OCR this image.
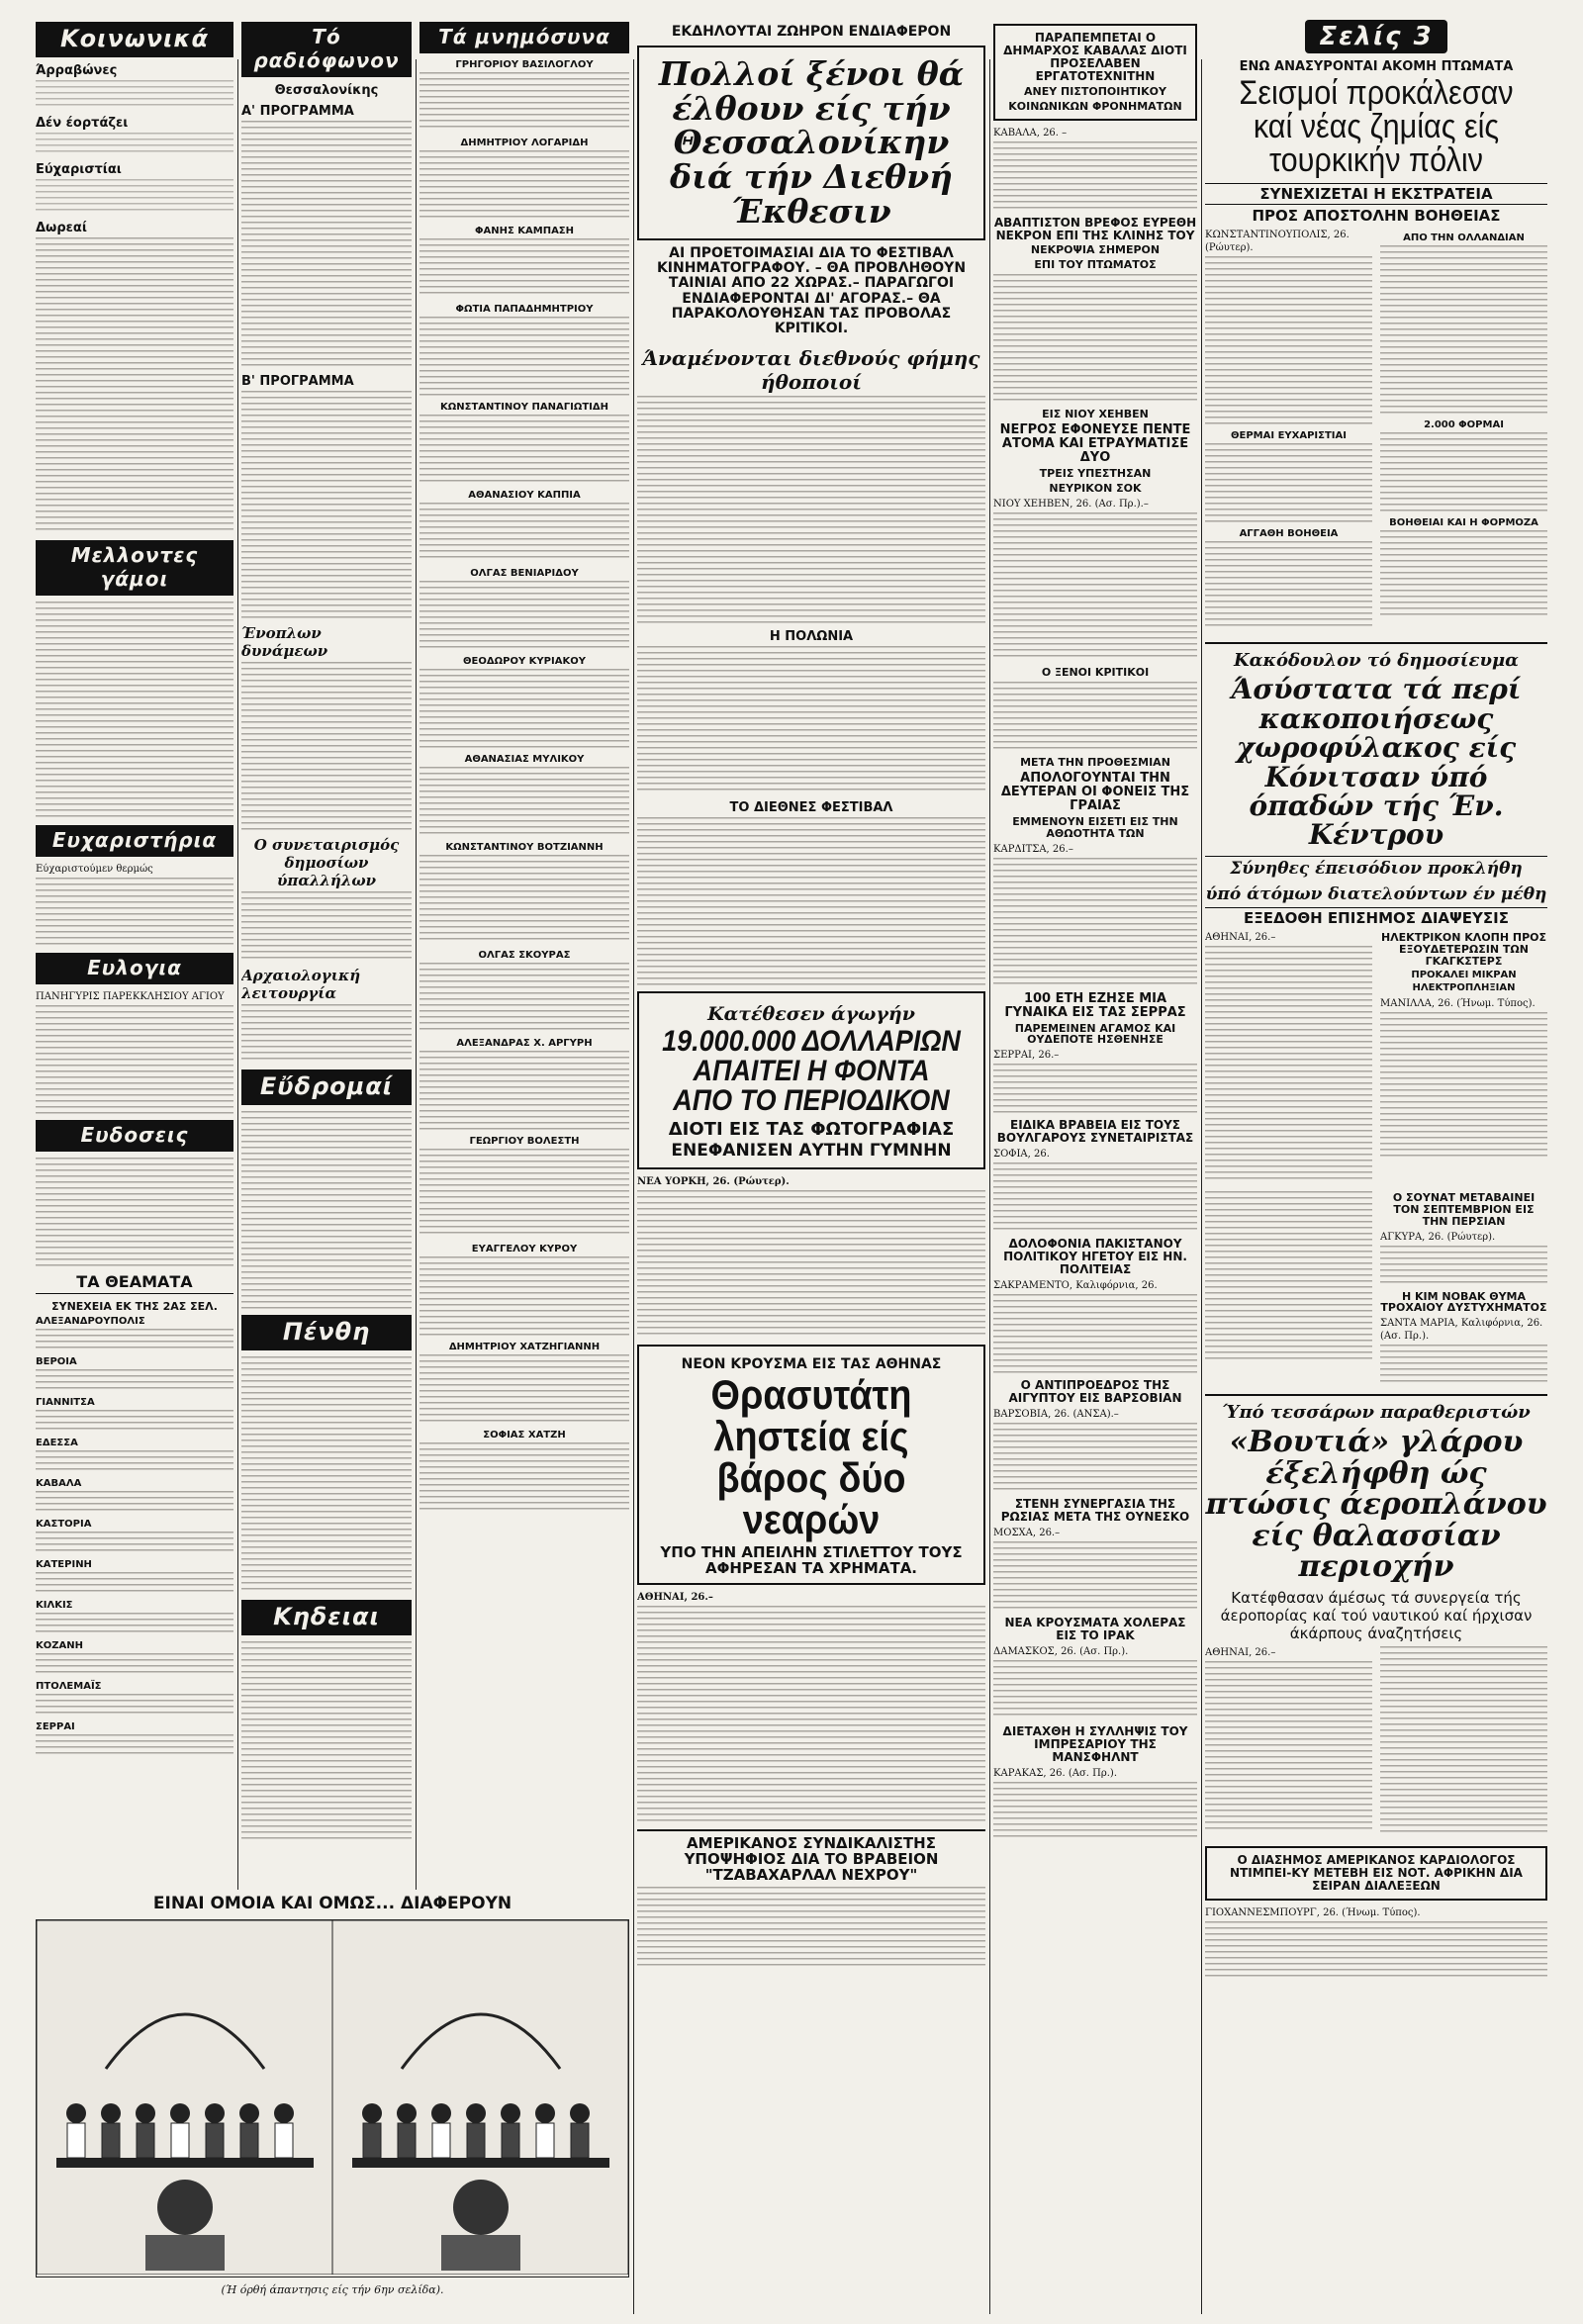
Κοινωνικά
Άρραβώνες
Δέν έορτάζει
Εύχαριστίαι
Δωρεαί
Μελλοντες γάμοι
Ευχαριστήρια
Εύχαριστούμεν θερμώς
Ευλογια
ΠΑΝΗΓΥΡΙΣ ΠΑΡΕΚΚΛΗΣΙΟΥ ΑΓΙΟΥ
Ευδοσεις
ΤΑ ΘΕΑΜΑΤΑ
ΣΥΝΕΧΕΙΑ ΕΚ ΤΗΣ 2ΑΣ ΣΕΛ.
ΑΛΕΞΑΝΔΡΟΥΠΟΛΙΣ
ΒΕΡΟΙΑ
ΓΙΑΝΝΙΤΣΑ
ΕΔΕΣΣΑ
ΚΑΒΑΛΑ
ΚΑΣΤΟΡΙΑ
ΚΑΤΕΡΙΝΗ
ΚΙΛΚΙΣ
ΚΟΖΑΝΗ
ΠΤΟΛΕΜΑΪΣ
ΣΕΡΡΑΙ
Τό ραδιόφωνον
Θεσσαλονίκης
Α' ΠΡΟΓΡΑΜΜΑ
Β' ΠΡΟΓΡΑΜΜΑ
Ένοπλων δυνάμεων
Ο συνεταιρισμός δημοσίων ύπαλλήλων
Αρχαιολογική λειτουργία
Εὔδρομαί
Πένθη
Κηδειαι
Τά μνημόσυνα
ΓΡΗΓΟΡΙΟΥ ΒΑΣΙΛΟΓΛΟΥ
ΔΗΜΗΤΡΙΟΥ ΛΟΓΑΡΙΔΗ
ΦΑΝΗΣ ΚΑΜΠΑΣΗ
ΦΩΤΙΑ ΠΑΠΑΔΗΜΗΤΡΙΟΥ
ΚΩΝΣΤΑΝΤΙΝΟΥ ΠΑΝΑΓΙΩΤΙΔΗ
ΑΘΑΝΑΣΙΟΥ ΚΑΠΠΙΑ
ΟΛΓΑΣ ΒΕΝΙΑΡΙΔΟΥ
ΘΕΟΔΩΡΟΥ ΚΥΡΙΑΚΟΥ
ΑΘΑΝΑΣΙΑΣ ΜΥΛΙΚΟΥ
ΚΩΝΣΤΑΝΤΙΝΟΥ ΒΟΤΖΙΑΝΝΗ
ΟΛΓΑΣ ΣΚΟΥΡΑΣ
ΑΛΕΞΑΝΔΡΑΣ Χ. ΑΡΓΥΡΗ
ΓΕΩΡΓΙΟΥ ΒΟΛΕΣΤΗ
ΕΥΑΓΓΕΛΟΥ ΚΥΡΟΥ
ΔΗΜΗΤΡΙΟΥ ΧΑΤΖΗΓΙΑΝΝΗ
ΣΟΦΙΑΣ ΧΑΤΖΗ
ΕΙΝΑΙ ΟΜΟΙΑ ΚΑΙ ΟΜΩΣ... ΔΙΑΦΕΡΟΥΝ
(Ή όρθή άπαντησις είς τήν 6ην σελίδα).
ΕΚΔΗΛΟΥΤΑΙ ΖΩΗΡΟΝ ΕΝΔΙΑΦΕΡΟΝ
Πολλοί ξένοι θά έλθουν είς τήν Θεσσαλονίκην διά τήν Διεθνή Έκθεσιν
ΑΙ ΠΡΟΕΤΟΙΜΑΣΙΑΙ ΔΙΑ ΤΟ ΦΕΣΤΙΒΑΛ ΚΙΝΗΜΑΤΟΓΡΑΦΟΥ. – ΘΑ ΠΡΟΒΛΗΘΟΥΝ ΤΑΙΝΙΑΙ ΑΠΟ 22 ΧΩΡΑΣ.– ΠΑΡΑΓΩΓΟΙ ΕΝΔΙΑΦΕΡΟΝΤΑΙ ΔΙ' ΑΓΟΡΑΣ.– ΘΑ ΠΑΡΑΚΟΛΟΥΘΗΣΑΝ ΤΑΣ ΠΡΟΒΟΛΑΣ ΚΡΙΤΙΚΟΙ.
Άναμένονται διεθνούς φήμης ήθοποιοί
Η ΠΟΛΩΝΙΑ
ΤΟ ΔΙΕΘΝΕΣ ΦΕΣΤΙΒΑΛ
Κατέθεσεν άγωγήν
19.000.000 ΔΟΛΛΑΡΙΩΝ ΑΠΑΙΤΕΙ Η ΦΟΝΤΑ ΑΠΟ ΤΟ ΠΕΡΙΟΔΙΚΟΝ
ΔΙΟΤΙ ΕΙΣ ΤΑΣ ΦΩΤΟΓΡΑΦΙΑΣ
ΕΝΕΦΑΝΙΣΕΝ ΑΥΤΗΝ ΓΥΜΝΗΝ
ΝΕΑ ΥΟΡΚΗ, 26. (Ρώυτερ).
ΝΕΟΝ ΚΡΟΥΣΜΑ ΕΙΣ ΤΑΣ ΑΘΗΝΑΣ
Θρασυτάτη ληστεία είς βάρος δύο νεαρών
ΥΠΟ ΤΗΝ ΑΠΕΙΛΗΝ ΣΤΙΛΕΤΤΟΥ ΤΟΥΣ ΑΦΗΡΕΣΑΝ ΤΑ ΧΡΗΜΑΤΑ.
ΑΘΗΝΑΙ, 26.–
ΑΜΕΡΙΚΑΝΟΣ ΣΥΝΔΙΚΑΛΙΣΤΗΣ ΥΠΟΨΗΦΙΟΣ ΔΙΑ ΤΟ ΒΡΑΒΕΙΟΝ "ΤΖΑΒΑΧΑΡΛΑΛ ΝΕΧΡΟΥ"
ΠΑΡΑΠΕΜΠΕΤΑΙ Ο ΔΗΜΑΡΧΟΣ ΚΑΒΑΛΑΣ ΔΙΟΤΙ ΠΡΟΣΕΛΑΒΕΝ ΕΡΓΑΤΟΤΕΧΝΙΤΗΝ
ΑΝΕΥ ΠΙΣΤΟΠΟΙΗΤΙΚΟΥ
ΚΟΙΝΩΝΙΚΩΝ ΦΡΟΝΗΜΑΤΩΝ
ΚΑΒΑΛΑ, 26. –
ΑΒΑΠΤΙΣΤΟΝ ΒΡΕΦΟΣ ΕΥΡΕΘΗ ΝΕΚΡΟΝ ΕΠΙ ΤΗΣ ΚΛΙΝΗΣ ΤΟΥ
ΝΕΚΡΟΨΙΑ ΣΗΜΕΡΟΝ
ΕΠΙ ΤΟΥ ΠΤΩΜΑΤΟΣ
ΕΙΣ ΝΙΟΥ ΧΕΗΒΕΝ
ΝΕΓΡΟΣ ΕΦΟΝΕΥΣΕ ΠΕΝΤΕ ΑΤΟΜΑ ΚΑΙ ΕΤΡΑΥΜΑΤΙΣΕ ΔΥΟ
ΤΡΕΙΣ ΥΠΕΣΤΗΣΑΝ
ΝΕΥΡΙΚΟΝ ΣΟΚ
ΝΙΟΥ ΧΕΗΒΕΝ, 26. (Ασ. Πρ.).–
Ο ΞΕΝΟΙ ΚΡΙΤΙΚΟΙ
ΜΕΤΑ ΤΗΝ ΠΡΟΘΕΣΜΙΑΝ
ΑΠΟΛΟΓΟΥΝΤΑΙ ΤΗΝ ΔΕΥΤΕΡΑΝ ΟΙ ΦΟΝΕΙΣ ΤΗΣ ΓΡΑΙΑΣ
ΕΜΜΕΝΟΥΝ ΕΙΣΕΤΙ ΕΙΣ ΤΗΝ ΑΘΩΟΤΗΤΑ ΤΩΝ
ΚΑΡΔΙΤΣΑ, 26.–
100 ΕΤΗ ΕΖΗΣΕ ΜΙΑ ΓΥΝΑΙΚΑ ΕΙΣ ΤΑΣ ΣΕΡΡΑΣ
ΠΑΡΕΜΕΙΝΕΝ ΑΓΑΜΟΣ ΚΑΙ ΟΥΔΕΠΟΤΕ ΗΣΘΕΝΗΣΕ
ΣΕΡΡΑΙ, 26.–
ΕΙΔΙΚΑ ΒΡΑΒΕΙΑ ΕΙΣ ΤΟΥΣ ΒΟΥΛΓΑΡΟΥΣ ΣΥΝΕΤΑΙΡΙΣΤΑΣ
ΣΟΦΙΑ, 26.
ΔΟΛΟΦΟΝΙΑ ΠΑΚΙΣΤΑΝΟΥ ΠΟΛΙΤΙΚΟΥ ΗΓΕΤΟΥ ΕΙΣ ΗΝ. ΠΟΛΙΤΕΙΑΣ
ΣΑΚΡΑΜΕΝΤΟ, Καλιφόρνια, 26.
Ο ΑΝΤΙΠΡΟΕΔΡΟΣ ΤΗΣ ΑΙΓΥΠΤΟΥ ΕΙΣ ΒΑΡΣΟΒΙΑΝ
ΒΑΡΣΟΒΙΑ, 26. (ΑΝΣΑ).–
ΣΤΕΝΗ ΣΥΝΕΡΓΑΣΙΑ ΤΗΣ ΡΩΣΙΑΣ ΜΕΤΑ ΤΗΣ ΟΥΝΕΣΚΟ
ΜΟΣΧΑ, 26.–
ΝΕΑ ΚΡΟΥΣΜΑΤΑ ΧΟΛΕΡΑΣ ΕΙΣ ΤΟ ΙΡΑΚ
ΔΑΜΑΣΚΟΣ, 26. (Ασ. Πρ.).
ΔΙΕΤΑΧΘΗ Η ΣΥΛΛΗΨΙΣ ΤΟΥ ΙΜΠΡΕΣΑΡΙΟΥ ΤΗΣ ΜΑΝΣΦΗΛΝΤ
ΚΑΡΑΚΑΣ, 26. (Ασ. Πρ.).
Σελίς 3
ΕΝΩ ΑΝΑΣΥΡΟΝΤΑΙ ΑΚΟΜΗ ΠΤΩΜΑΤΑ
Σεισμοί προκάλεσαν καί νέας ζημίας είς τουρκικήν πόλιν
ΣΥΝΕΧΙΖΕΤΑΙ Η ΕΚΣΤΡΑΤΕΙΑ
ΠΡΟΣ ΑΠΟΣΤΟΛΗΝ ΒΟΗΘΕΙΑΣ
ΚΩΝΣΤΑΝΤΙΝΟΥΠΟΛΙΣ, 26. (Ρώυτερ).
ΘΕΡΜΑΙ ΕΥΧΑΡΙΣΤΙΑΙ
ΑΓΓΑΘΗ ΒΟΗΘΕΙΑ
ΑΠΟ ΤΗΝ ΟΛΛΑΝΔΙΑΝ
2.000 ΦΟΡΜΑΙ
ΒΟΗΘΕΙΑΙ ΚΑΙ Η ΦΟΡΜΟΖΑ
Κακόδουλον τό δημοσίευμα
Άσύστατα τά περί κακοποιήσεως χωροφύλακος είς Κόνιτσαν ύπό όπαδών τής Έν. Κέντρου
Σύνηθες έπεισόδιον προκλήθη
ύπό άτόμων διατελούντων έν μέθη
ΕΞΕΔΟΘΗ ΕΠΙΣΗΜΟΣ ΔΙΑΨΕΥΣΙΣ
ΑΘΗΝΑΙ, 26.–	ΗΛΕΚΤΡΙΚΟΝ ΚΛΟΠΗ ΠΡΟΣ ΕΞΟΥΔΕΤΕΡΩΣΙΝ ΤΩΝ ΓΚΑΓΚΣΤΕΡΣ
ΠΡΟΚΑΛΕΙ ΜΙΚΡΑΝ
ΗΛΕΚΤΡΟΠΛΗΞΙΑΝ
ΜΑΝΙΛΛΑ, 26. (Ήνωμ. Τύπος).
Ο ΣΟΥΝΑΤ ΜΕΤΑΒΑΙΝΕΙ ΤΟΝ ΣΕΠΤΕΜΒΡΙΟΝ ΕΙΣ ΤΗΝ ΠΕΡΣΙΑΝ
ΑΓΚΥΡΑ, 26. (Ρώυτερ).
Η ΚΙΜ ΝΟΒΑΚ ΘΥΜΑ ΤΡΟΧΑΙΟΥ ΔΥΣΤΥΧΗΜΑΤΟΣ
ΣΑΝΤΑ ΜΑΡΙΑ, Καλιφόρνια, 26. (Ασ. Πρ.).
Ύπό τεσσάρων παραθεριστών
«Βουτιά» γλάρου έξελήφθη ώς πτώσις άεροπλάνου είς θαλασσίαν περιοχήν
Κατέφθασαν άμέσως τά συνεργεία τής άεροπορίας καί τού ναυτικού καί ήρχισαν άκάρπους άναζητήσεις
ΑΘΗΝΑΙ, 26.–
Ο ΔΙΑΣΗΜΟΣ ΑΜΕΡΙΚΑΝΟΣ ΚΑΡΔΙΟΛΟΓΟΣ ΝΤΙΜΠΕΙ-ΚΥ ΜΕΤΕΒΗ ΕΙΣ ΝΟΤ. ΑΦΡΙΚΗΝ ΔΙΑ ΣΕΙΡΑΝ ΔΙΑΛΕΞΕΩΝ
ΓΙΟΧΑΝΝΕΣΜΠΟΥΡΓ, 26. (Ήνωμ. Τύπος).
